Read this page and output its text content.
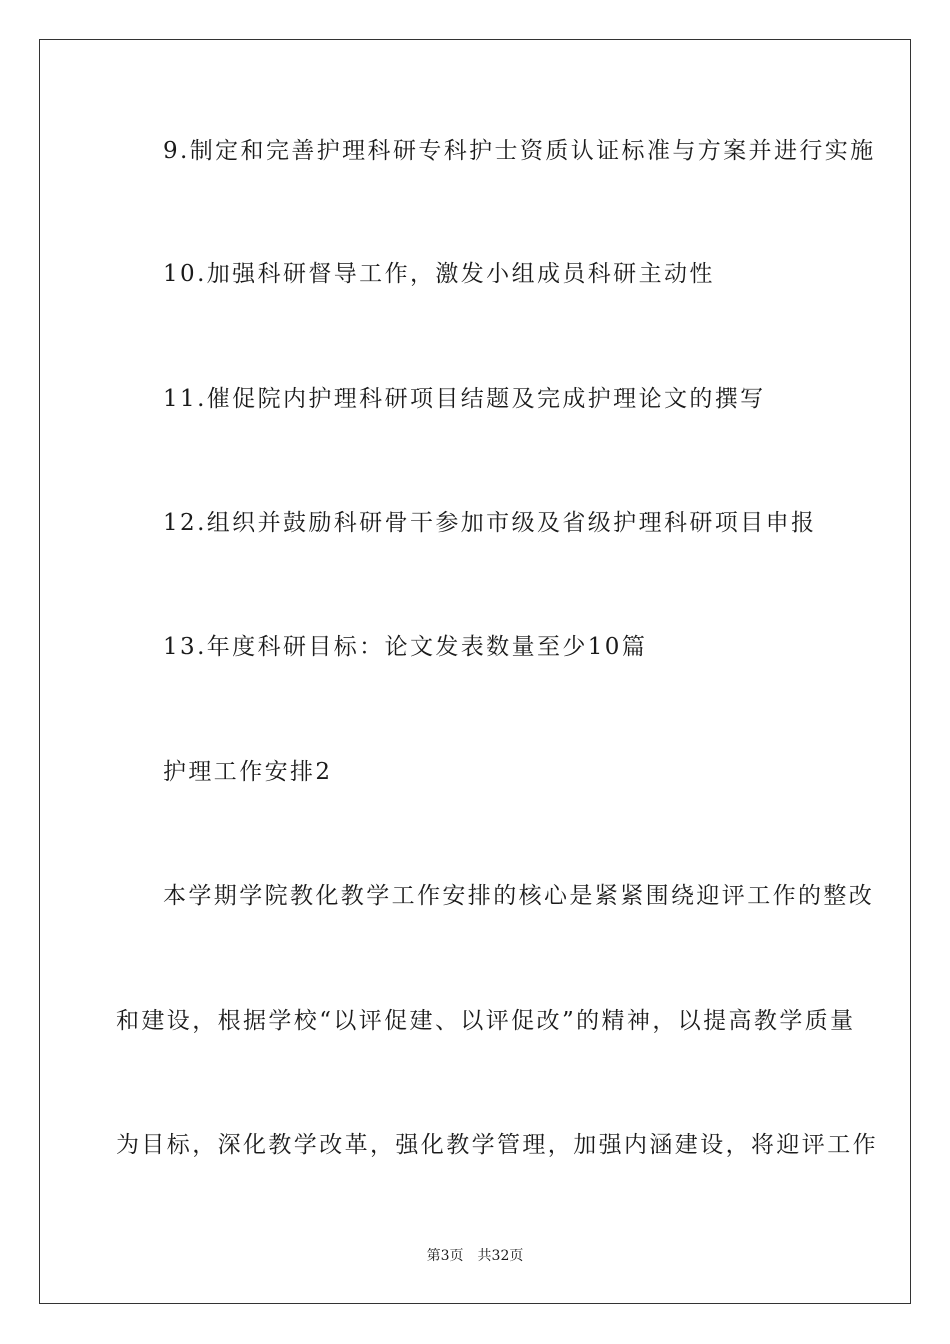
9.制定和完善护理科研专科护士资质认证标准与方案并进行实施
10.加强科研督导工作，激发小组成员科研主动性
11.催促院内护理科研项目结题及完成护理论文的撰写
12.组织并鼓励科研骨干参加市级及省级护理科研项目申报
13.年度科研目标：论文发表数量至少10篇
护理工作安排2
本学期学院教化教学工作安排的核心是紧紧围绕迎评工作的整改
和建设，根据学校“以评促建、以评促改”的精神，以提高教学质量
为目标，深化教学改革，强化教学管理，加强内涵建设，将迎评工作
第3页 共32页
